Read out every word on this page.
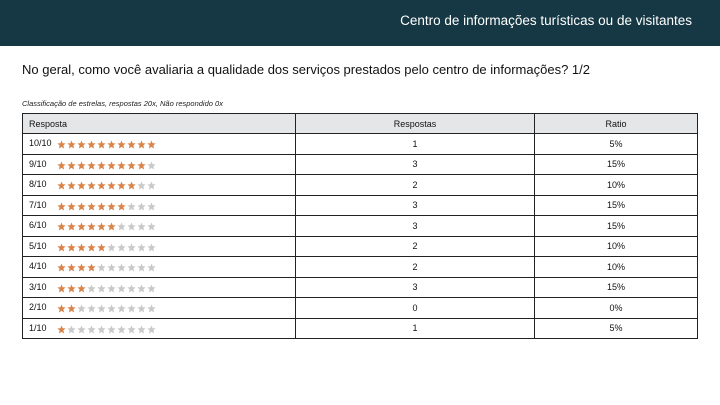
Centro de informações turísticas ou de visitantes
No geral, como você avaliaria a qualidade dos serviços prestados pelo centro de informações? 1/2
Classificação de estrelas, respostas 20x, Não respondido 0x
Resposta	Respostas	Ratio
10/10	1	5%
9/10	3	15%
8/10	2	10%
7/10	3	15%
6/10	3	15%
5/10	2	10%
4/10	2	10%
3/10	3	15%
2/10	0	0%
1/10	1	5%
